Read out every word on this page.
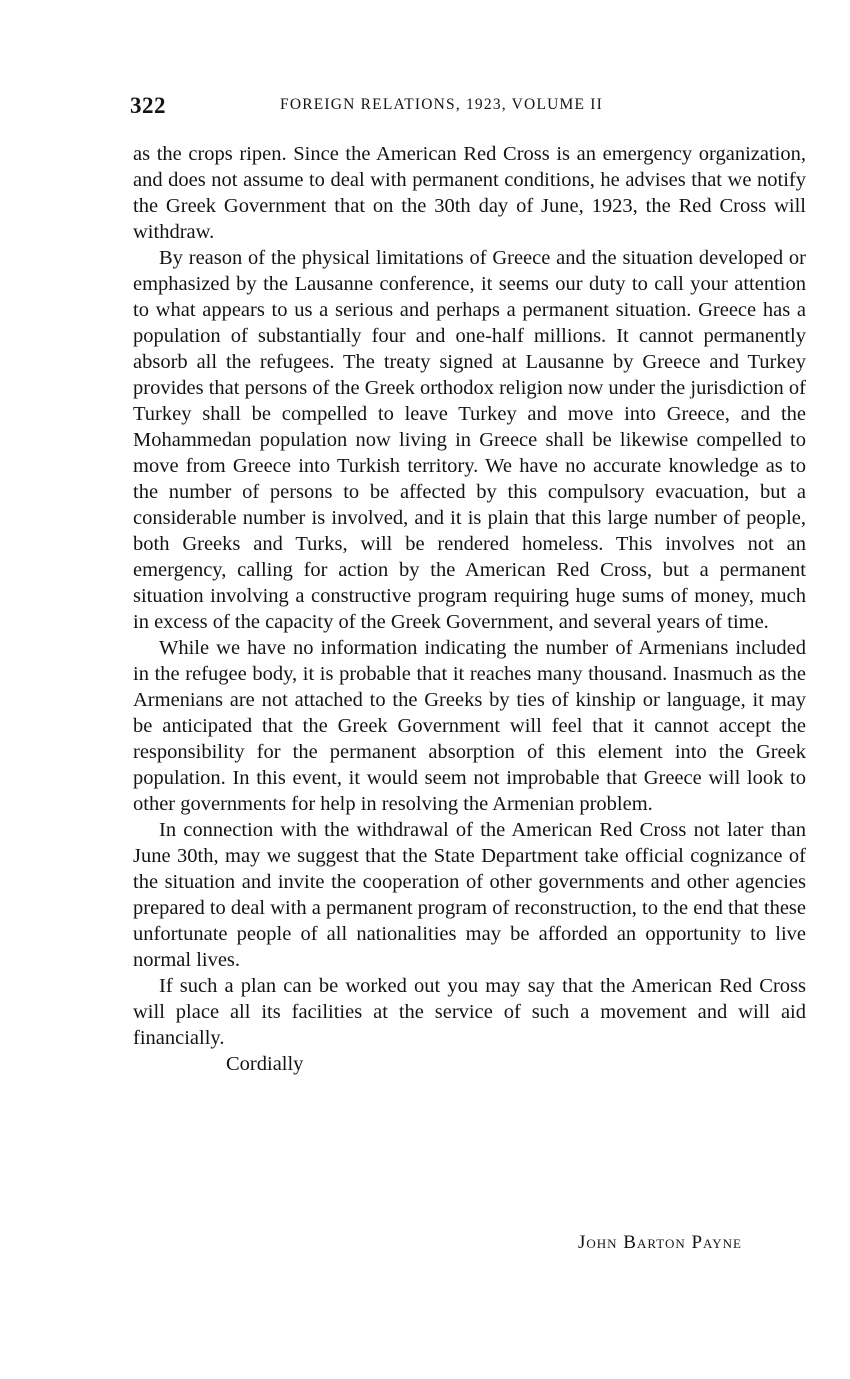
322	FOREIGN RELATIONS, 1923, VOLUME II

as the crops ripen. Since the American Red Cross is an emergency organization, and does not assume to deal with permanent conditions, he advises that we notify the Greek Government that on the 30th day of June, 1923, the Red Cross will withdraw.

By reason of the physical limitations of Greece and the situation developed or emphasized by the Lausanne conference, it seems our duty to call your attention to what appears to us a serious and perhaps a permanent situation. Greece has a population of substantially four and one-half millions. It cannot permanently absorb all the refugees. The treaty signed at Lausanne by Greece and Turkey provides that persons of the Greek orthodox religion now under the jurisdiction of Turkey shall be compelled to leave Turkey and move into Greece, and the Mohammedan population now living in Greece shall be likewise compelled to move from Greece into Turkish territory. We have no accurate knowledge as to the number of persons to be affected by this compulsory evacuation, but a considerable number is involved, and it is plain that this large number of people, both Greeks and Turks, will be rendered homeless. This involves not an emergency, calling for action by the American Red Cross, but a permanent situation involving a constructive program requiring huge sums of money, much in excess of the capacity of the Greek Government, and several years of time.

While we have no information indicating the number of Armenians included in the refugee body, it is probable that it reaches many thousand. Inasmuch as the Armenians are not attached to the Greeks by ties of kinship or language, it may be anticipated that the Greek Government will feel that it cannot accept the responsibility for the permanent absorption of this element into the Greek population. In this event, it would seem not improbable that Greece will look to other governments for help in resolving the Armenian problem.

In connection with the withdrawal of the American Red Cross not later than June 30th, may we suggest that the State Department take official cognizance of the situation and invite the cooperation of other governments and other agencies prepared to deal with a permanent program of reconstruction, to the end that these unfortunate people of all nationalities may be afforded an opportunity to live normal lives.

If such a plan can be worked out you may say that the American Red Cross will place all its facilities at the service of such a movement and will aid financially.

Cordially

John Barton Payne
